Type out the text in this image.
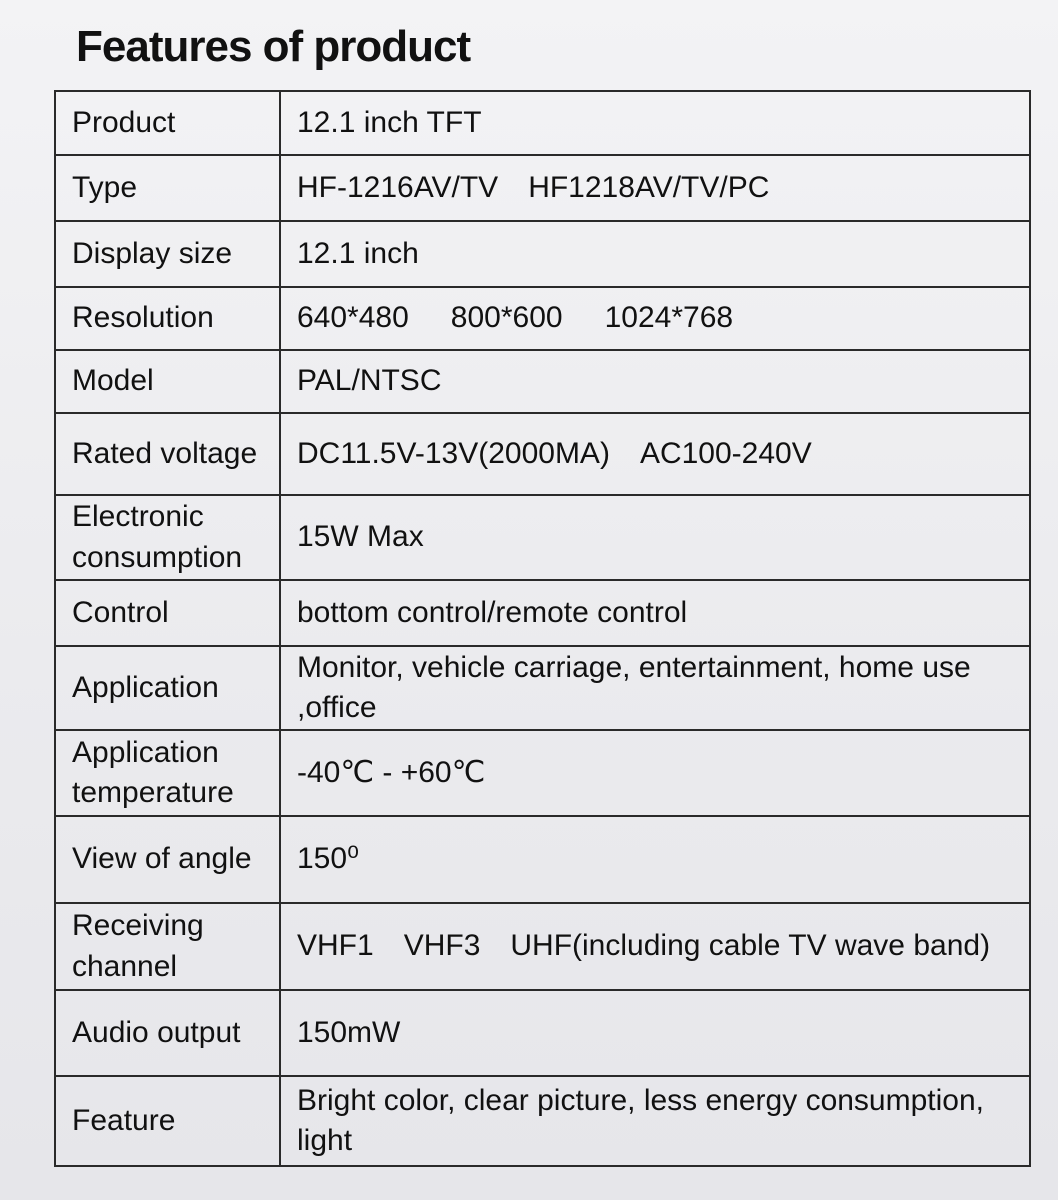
Features of product
Product	12.1 inch TFT
Type	HF-1216AV/TV HF1218AV/TV/PC
Display size	12.1 inch
Resolution	640*480 800*600 1024*768
Model	PAL/NTSC
Rated voltage	DC11.5V-13V(2000MA) AC100-240V
Electronic consumption	15W Max
Control	bottom control/remote control
Application	Monitor, vehicle carriage, entertainment, home use ,office
Application temperature	-40℃ - +60℃
View of angle	150⁰
Receiving channel	VHF1 VHF3 UHF(including cable TV wave band)
Audio output	150mW
Feature	Bright color, clear picture, less energy consumption, light
